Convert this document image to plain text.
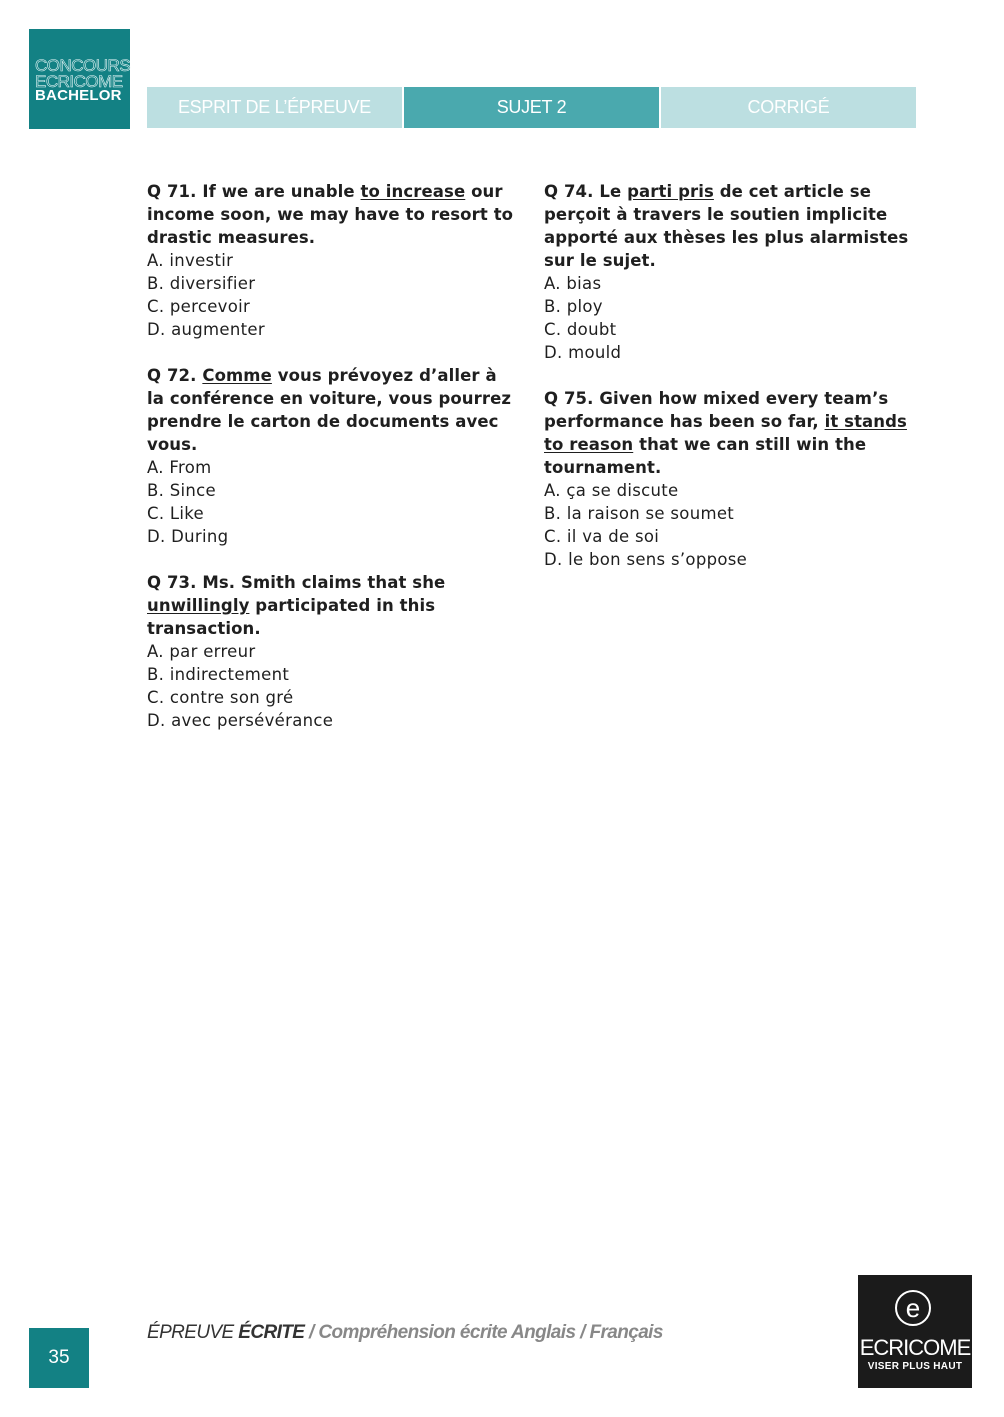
CONCOURS
ECRICOME
BACHELOR
ESPRIT DE L’ÉPREUVE	SUJET 2	CORRIGÉ
Q 71. If we are unable to increase our income soon, we may have to resort to drastic measures.
A. investir
B. diversifier
C. percevoir
D. augmenter
Q 72. Comme vous prévoyez d’aller à la conférence en voiture, vous pourrez prendre le carton de documents avec vous.
A. From
B. Since
C. Like
D. During
Q 73. Ms. Smith claims that she unwillingly participated in this transaction.
A. par erreur
B. indirectement
C. contre son gré
D. avec persévérance
Q 74. Le parti pris de cet article se perçoit à travers le soutien implicite apporté aux thèses les plus alarmistes sur le sujet.
A. bias
B. ploy
C. doubt
D. mould
Q 75. Given how mixed every team’s performance has been so far, it stands to reason that we can still win the tournament.
A. ça se discute
B. la raison se soumet
C. il va de soi
D. le bon sens s’oppose
35
ÉPREUVE ÉCRITE / Compréhension écrite Anglais / Français
e
ECRICOME
VISER PLUS HAUT
